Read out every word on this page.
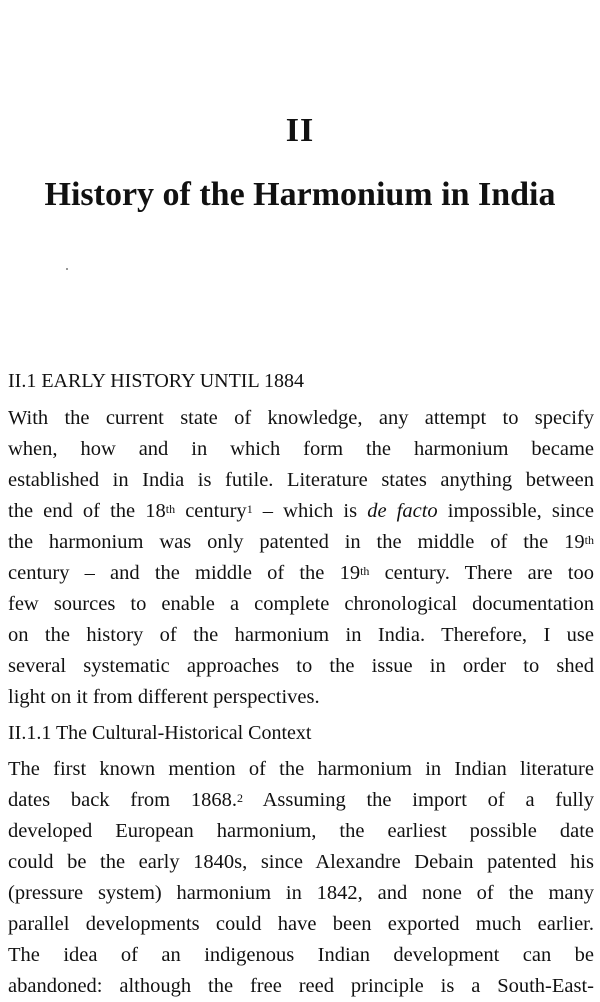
II
History of the Harmonium in India
II.1 EARLY HISTORY UNTIL 1884
With the current state of knowledge, any attempt to specify
when, how and in which form the harmonium became
established in India is futile. Literature states anything between
the end of the 18th century$^1$ – which is de facto impossible, since
the harmonium was only patented in the middle of the 19th
century – and the middle of the 19th century. There are too
few sources to enable a complete chronological documentation
on the history of the harmonium in India. Therefore, I use
several systematic approaches to the issue in order to shed
light on it from different perspectives.
II.1.1 The Cultural-Historical Context
The first known mention of the harmonium in Indian literature
dates back from 1868.$^2$ Assuming the import of a fully
developed European harmonium, the earliest possible date
could be the early 1840s, since Alexandre Debain patented his
(pressure system) harmonium in 1842, and none of the many
parallel developments could have been exported much earlier.
The idea of an indigenous Indian development can be
abandoned: although the free reed principle is a South-East-
